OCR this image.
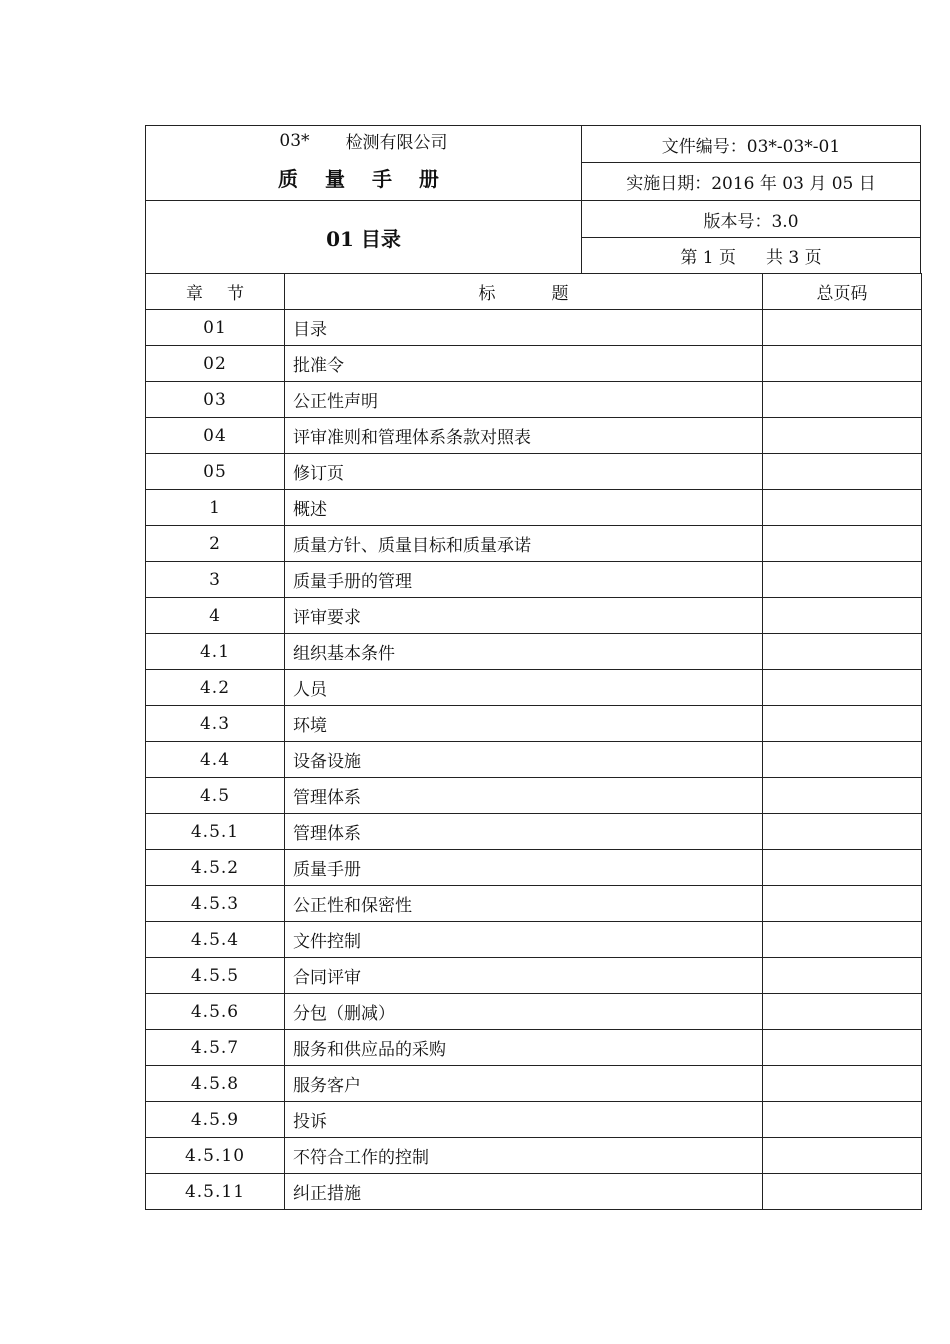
03* 检测有限公司
质 量 手 册
01 目录
文件编号：03*-03*-01
实施日期：2016 年 03 月 05 日
版本号：3.0
第 1 页 共 3 页
章节	标题	总页码
01	目录	
02	批准令	
03	公正性声明	
04	评审准则和管理体系条款对照表	
05	修订页	
1	概述	
2	质量方针、质量目标和质量承诺	
3	质量手册的管理	
4	评审要求	
4.1	组织基本条件	
4.2	人员	
4.3	环境	
4.4	设备设施	
4.5	管理体系	
4.5.1	管理体系	
4.5.2	质量手册	
4.5.3	公正性和保密性	
4.5.4	文件控制	
4.5.5	合同评审	
4.5.6	分包（删减）	
4.5.7	服务和供应品的采购	
4.5.8	服务客户	
4.5.9	投诉	
4.5.10	不符合工作的控制	
4.5.11	纠正措施	
